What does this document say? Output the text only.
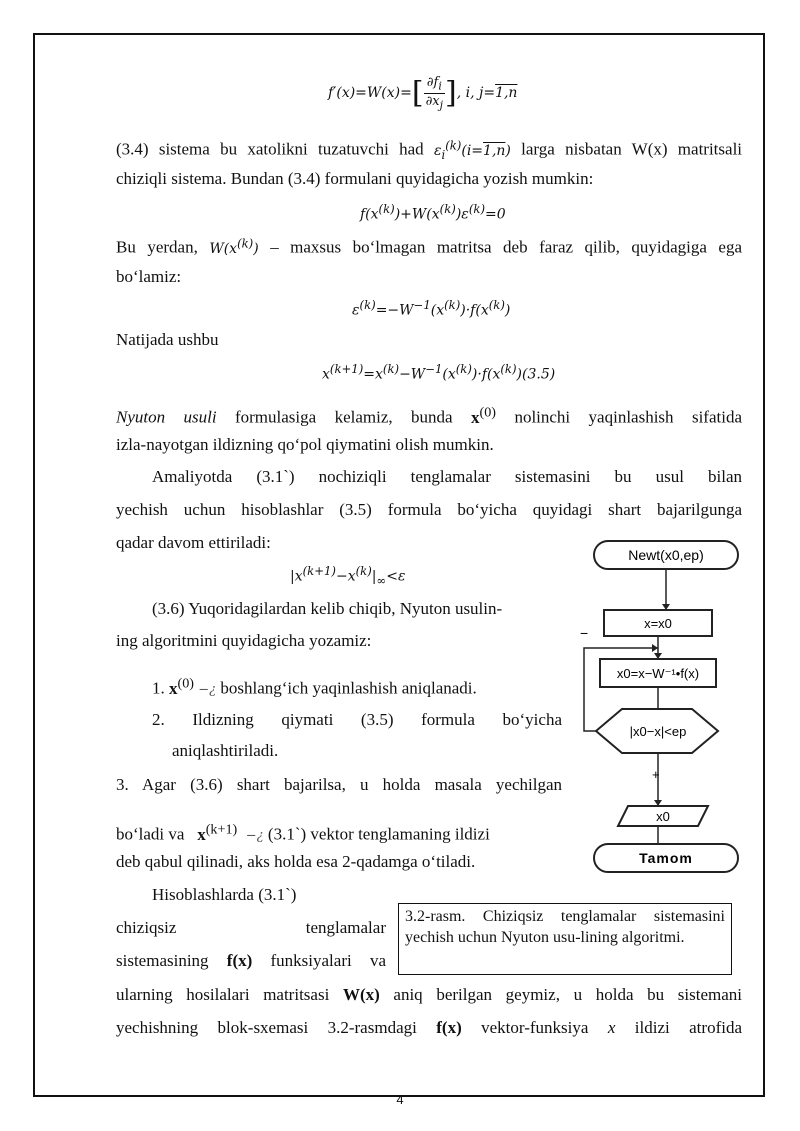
$f'(x)=W(x)=[ \frac{\partial f_i}{\partial x_j}$ ], i, j=1,n
(3.4) sistema bu xatolikni tuzatuvchi had $\varepsilon_i^{(k)}(i=1,n)$ larga nisbatan W(x) matritsali
chiziqli sistema. Bundan (3.4) formulani quyidagicha yozish mumkin:
$f(x^{(k)})+W(x^{(k)})\varepsilon^{(k)}=0$
Bu yerdan, $W(x^{(k)})$ – maxsus bo‘lmagan matritsa deb faraz qilib, quyidagiga ega
bo‘lamiz:
$\varepsilon^{(k)}=-W^{-1}(x^{(k)})\cdot f(x^{(k)})$
Natijada ushbu
$x^{(k+1)}=x^{(k)}-W^{-1}(x^{(k)})\cdot f(x^{(k)})(3.5)$
Nyuton usuli formulasiga kelamiz, bunda $x^{(0)}$ nolinchi yaqinlashish sifatida
izla-nayotgan ildizning qo‘pol qiymatini olish mumkin.
Amaliyotda (3.1`) nochiziqli tenglamalar sistemasini bu usul bilan
yechish uchun hisoblashlar (3.5) formula bo‘yicha quyidagi shart bajarilgunga
qadar davom ettiriladi:
$|x^{(k+1)}-x^{(k)}|_\infty<\varepsilon$
(3.6) Yuqoridagilardan kelib chiqib, Nyuton usulin-
ing algoritmini quyidagicha yozamiz:
1. $x^{(0)}$ −¿ boshlang‘ich yaqinlashish aniqlanadi.
2. Ildizning qiymati (3.5) formula bo‘yicha
aniqlashtiriladi.
3. Agar (3.6) shart bajarilsa, u holda masala yechilgan
bo‘ladi va $x^{(k+1)}$ −¿ (3.1`) vektor tenglamaning ildizi
deb qabul qilinadi, aks holda esa 2-qadamga o‘tiladi.
Hisoblashlarda (3.1`)
chiziqsiz tenglamalar
sistemasining f(x) funksiyalari va
3.2-rasm. Chiziqsiz tenglamalar sistemasini yechish uchun Nyuton usu-lining algoritmi.
ularning hosilalari matritsasi W(x) aniq berilgan geymiz, u holda bu sistemani
yechishning blok-sxemasi 3.2-rasmdagi f(x) vektor-funksiya x ildizi atrofida
Newt(x0,ep)
x=x0
x0=x−W⁻¹•f(x)
|x0−x|<ep
−
+
x0
Tamom
4
